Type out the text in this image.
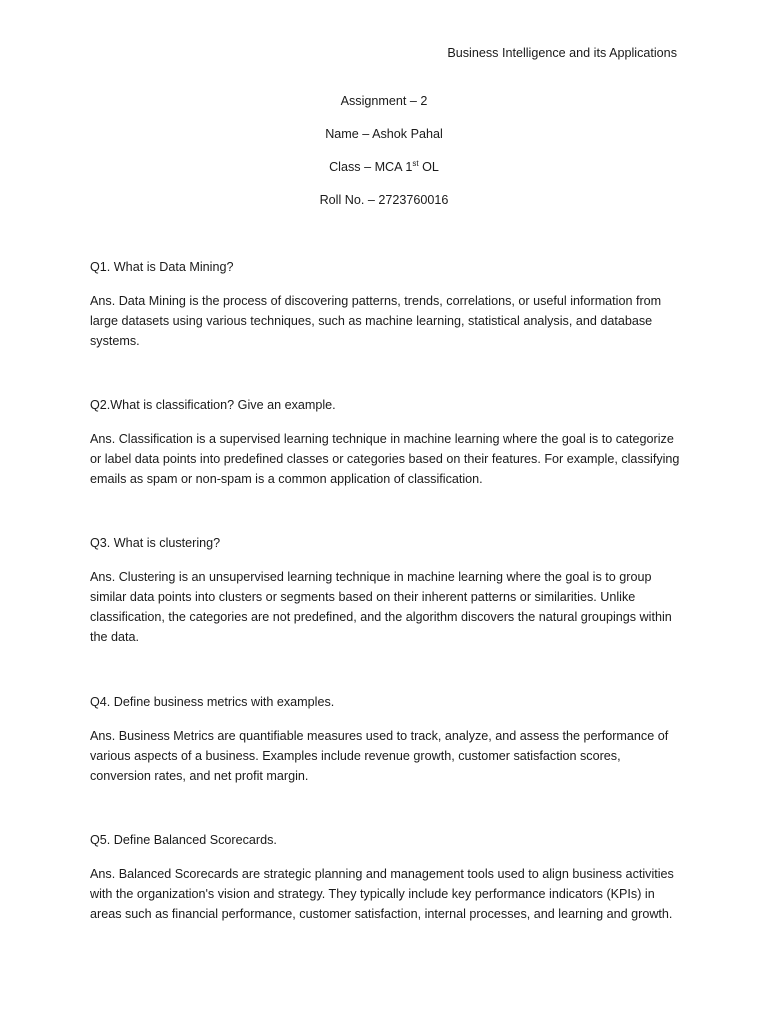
Business Intelligence and its Applications
Assignment – 2
Name – Ashok Pahal
Class – MCA 1st OL
Roll No. – 2723760016

Q1. What is Data Mining?

Ans. Data Mining is the process of discovering patterns, trends, correlations, or useful information from large datasets using various techniques, such as machine learning, statistical analysis, and database systems.

Q2.What is classification? Give an example.

Ans. Classification is a supervised learning technique in machine learning where the goal is to categorize or label data points into predefined classes or categories based on their features. For example, classifying emails as spam or non-spam is a common application of classification.

Q3. What is clustering?

Ans. Clustering is an unsupervised learning technique in machine learning where the goal is to group similar data points into clusters or segments based on their inherent patterns or similarities. Unlike classification, the categories are not predefined, and the algorithm discovers the natural groupings within the data.

Q4. Define business metrics with examples.

Ans. Business Metrics are quantifiable measures used to track, analyze, and assess the performance of various aspects of a business. Examples include revenue growth, customer satisfaction scores, conversion rates, and net profit margin.

Q5. Define Balanced Scorecards.

Ans. Balanced Scorecards are strategic planning and management tools used to align business activities with the organization's vision and strategy. They typically include key performance indicators (KPIs) in areas such as financial performance, customer satisfaction, internal processes, and learning and growth.
